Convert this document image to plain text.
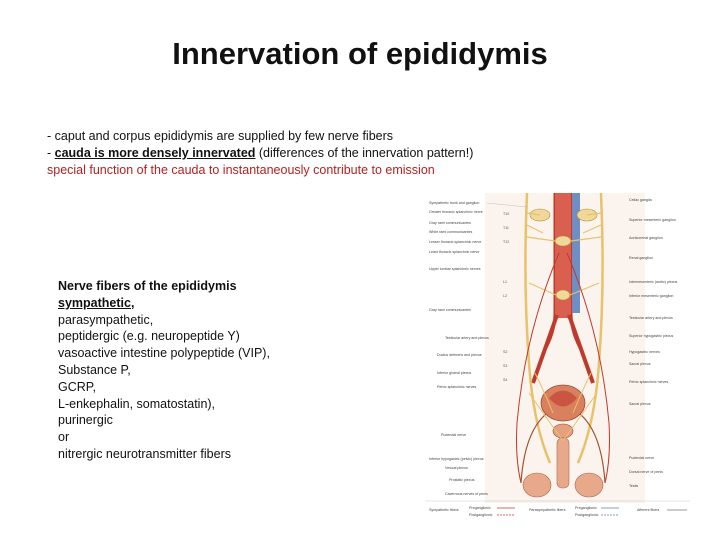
Innervation of epididymis
- caput and corpus epididymis are supplied by few nerve fibers
- cauda is more densely innervated (differences of the innervation pattern!)
special function of the cauda to instantaneously contribute to emission
Nerve fibers of the epididymis
sympathetic,
parasympathetic,
peptidergic (e.g. neuropeptide Y)
vasoactive intestine polypeptide (VIP),
Substance P,
GCRP,
L-enkephalin, somatostatin),
purinergic
or
nitrergic neurotransmitter fibers
Sympathetic trunk and ganglion
Greater thoracic splanchnic nerve
Gray rami communicantes
White rami communicantes
Lesser thoracic splanchnic nerve
Least thoracic splanchnic nerve
Upper lumbar splanchnic nerves
Gray rami communicantes
Testicular artery and plexus
Ductus deferens and plexus
Inferior gluteal plexus
Pelvic splanchnic nerves
Pudendal nerve
Inferior hypogastric (pelvic) plexus
Vesical plexus
Prostatic plexus
Cavernous nerves of penis
Celiac ganglia
Superior mesenteric ganglion
Aorticorenal ganglion
Renal ganglion
Intermesenteric (aortic) plexus
Inferior mesenteric ganglion
Testicular artery and plexus
Superior hypogastric plexus
Hypogastric nerves
Sacral plexus
Pelvic splanchnic nerves
Sacral plexus
Pudendal nerve
Dorsal nerve of penis
Testis
T10
T11
T12
L1
L2
S2
S3
S4
Sympathetic fibers	Preganglionic
Postganglionic
Parasympathetic fibers	Preganglionic
Postganglionic
Afferent fibers
